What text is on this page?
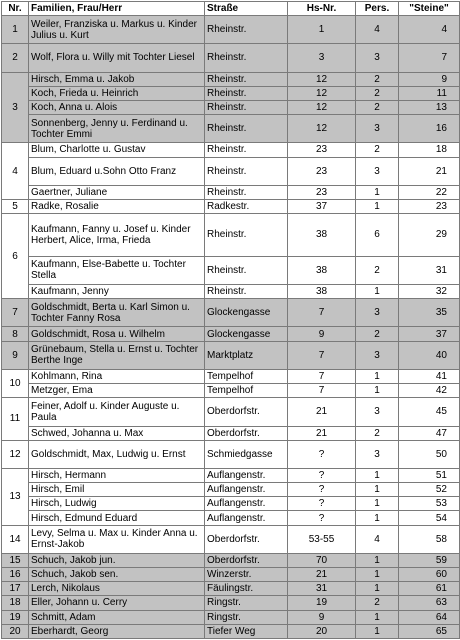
Nr.	Familien, Frau/Herr	Straße	Hs-Nr.	Pers.	"Steine"
1	Weiler, Franziska u. Markus u. Kinder Julius u. Kurt	Rheinstr.	1	4	4
2	Wolf, Flora u. Willy mit Tochter Liesel	Rheinstr.	3	3	7
3	Hirsch, Emma u. Jakob	Rheinstr.	12	2	9
	Koch, Frieda u. Heinrich	Rheinstr.	12	2	11
	Koch, Anna u. Alois	Rheinstr.	12	2	13
	Sonnenberg, Jenny u. Ferdinand u. Tochter Emmi	Rheinstr.	12	3	16
4	Blum, Charlotte u. Gustav	Rheinstr.	23	2	18
	Blum, Eduard u.Sohn Otto Franz	Rheinstr.	23	3	21
	Gaertner, Juliane	Rheinstr.	23	1	22
5	Radke, Rosalie	Radkestr.	37	1	23
6	Kaufmann, Fanny u. Josef u. Kinder Herbert, Alice, Irma, Frieda	Rheinstr.	38	6	29
	Kaufmann, Else-Babette u. Tochter Stella	Rheinstr.	38	2	31
	Kaufmann, Jenny	Rheinstr.	38	1	32
7	Goldschmidt, Berta u. Karl Simon u. Tochter Fanny Rosa	Glockengasse	7	3	35
8	Goldschmidt, Rosa u. Wilhelm	Glockengasse	9	2	37
9	Grünebaum, Stella u. Ernst u. Tochter Berthe Inge	Marktplatz	7	3	40
10	Kohlmann, Rina	Tempelhof	7	1	41
	Metzger, Ema	Tempelhof	7	1	42
11	Feiner, Adolf u. Kinder Auguste u. Paula	Oberdorfstr.	21	3	45
	Schwed, Johanna u. Max	Oberdorfstr.	21	2	47
12	Goldschmidt, Max, Ludwig u. Ernst	Schmiedgasse	?	3	50
13	Hirsch, Hermann	Auflangenstr.	?	1	51
	Hirsch, Emil	Auflangenstr.	?	1	52
	Hirsch, Ludwig	Auflangenstr.	?	1	53
	Hirsch, Edmund Eduard	Auflangenstr.	?	1	54
14	Levy, Selma u. Max u. Kinder Anna u. Ernst-Jakob	Oberdorfstr.	53-55	4	58
15	Schuch, Jakob jun.	Oberdorfstr.	70	1	59
16	Schuch, Jakob sen.	Winzerstr.	21	1	60
17	Lerch, Nikolaus	Fäulingstr.	31	1	61
18	Eller, Johann u. Cerry	Ringstr.	19	2	63
19	Schmitt, Adam	Ringstr.	9	1	64
20	Eberhardt, Georg	Tiefer Weg	20	1	65
